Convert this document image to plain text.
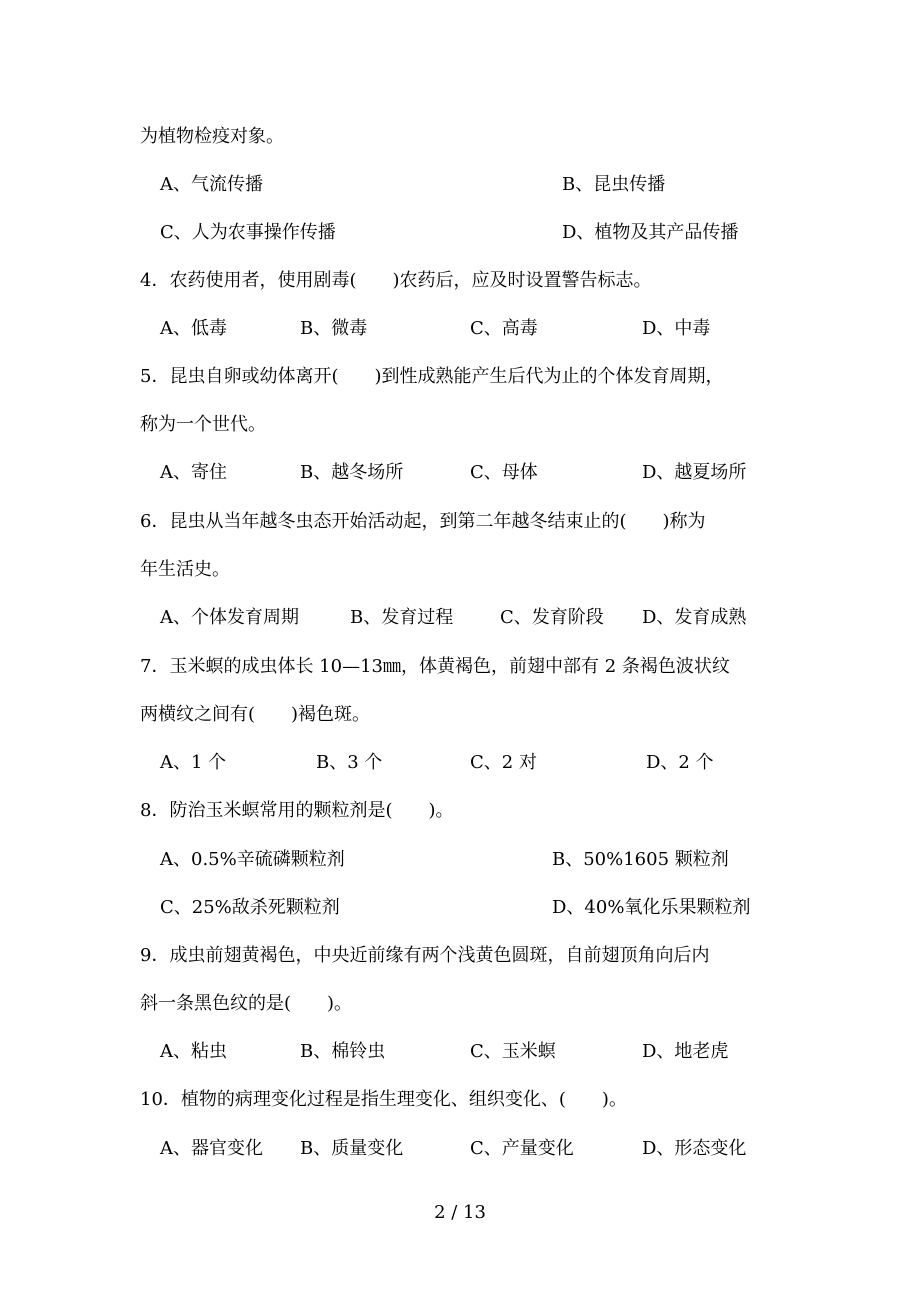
为植物检疫对象。
A、气流传播	B、昆虫传播
C、人为农事操作传播	D、植物及其产品传播
4．农药使用者，使用剧毒(　　)农药后，应及时设置警告标志。
A、低毒	B、微毒	C、高毒	D、中毒
5．昆虫自卵或幼体离开(　　)到性成熟能产生后代为止的个体发育周期，
称为一个世代。
A、寄住	B、越冬场所	C、母体	D、越夏场所
6．昆虫从当年越冬虫态开始活动起，到第二年越冬结束止的(　　)称为
年生活史。
A、个体发育周期	B、发育过程	C、发育阶段 D、发育成熟
7．玉米螟的成虫体长 10—13㎜，体黄褐色，前翅中部有 2 条褐色波状纹
两横纹之间有(　　)褐色斑。
A、1 个	B、3 个	C、2 对	D、2 个
8．防治玉米螟常用的颗粒剂是(　　)。
A、0.5%辛硫磷颗粒剂	B、50%1605 颗粒剂
C、25%敌杀死颗粒剂	D、40%氧化乐果颗粒剂
9．成虫前翅黄褐色，中央近前缘有两个浅黄色圆斑，自前翅顶角向后内
斜一条黑色纹的是(　　)。
A、粘虫	B、棉铃虫	C、玉米螟	D、地老虎
10．植物的病理变化过程是指生理变化、组织变化、(　　)。
A、器官变化 B、质量变化	C、产量变化	D、形态变化
2 / 13
